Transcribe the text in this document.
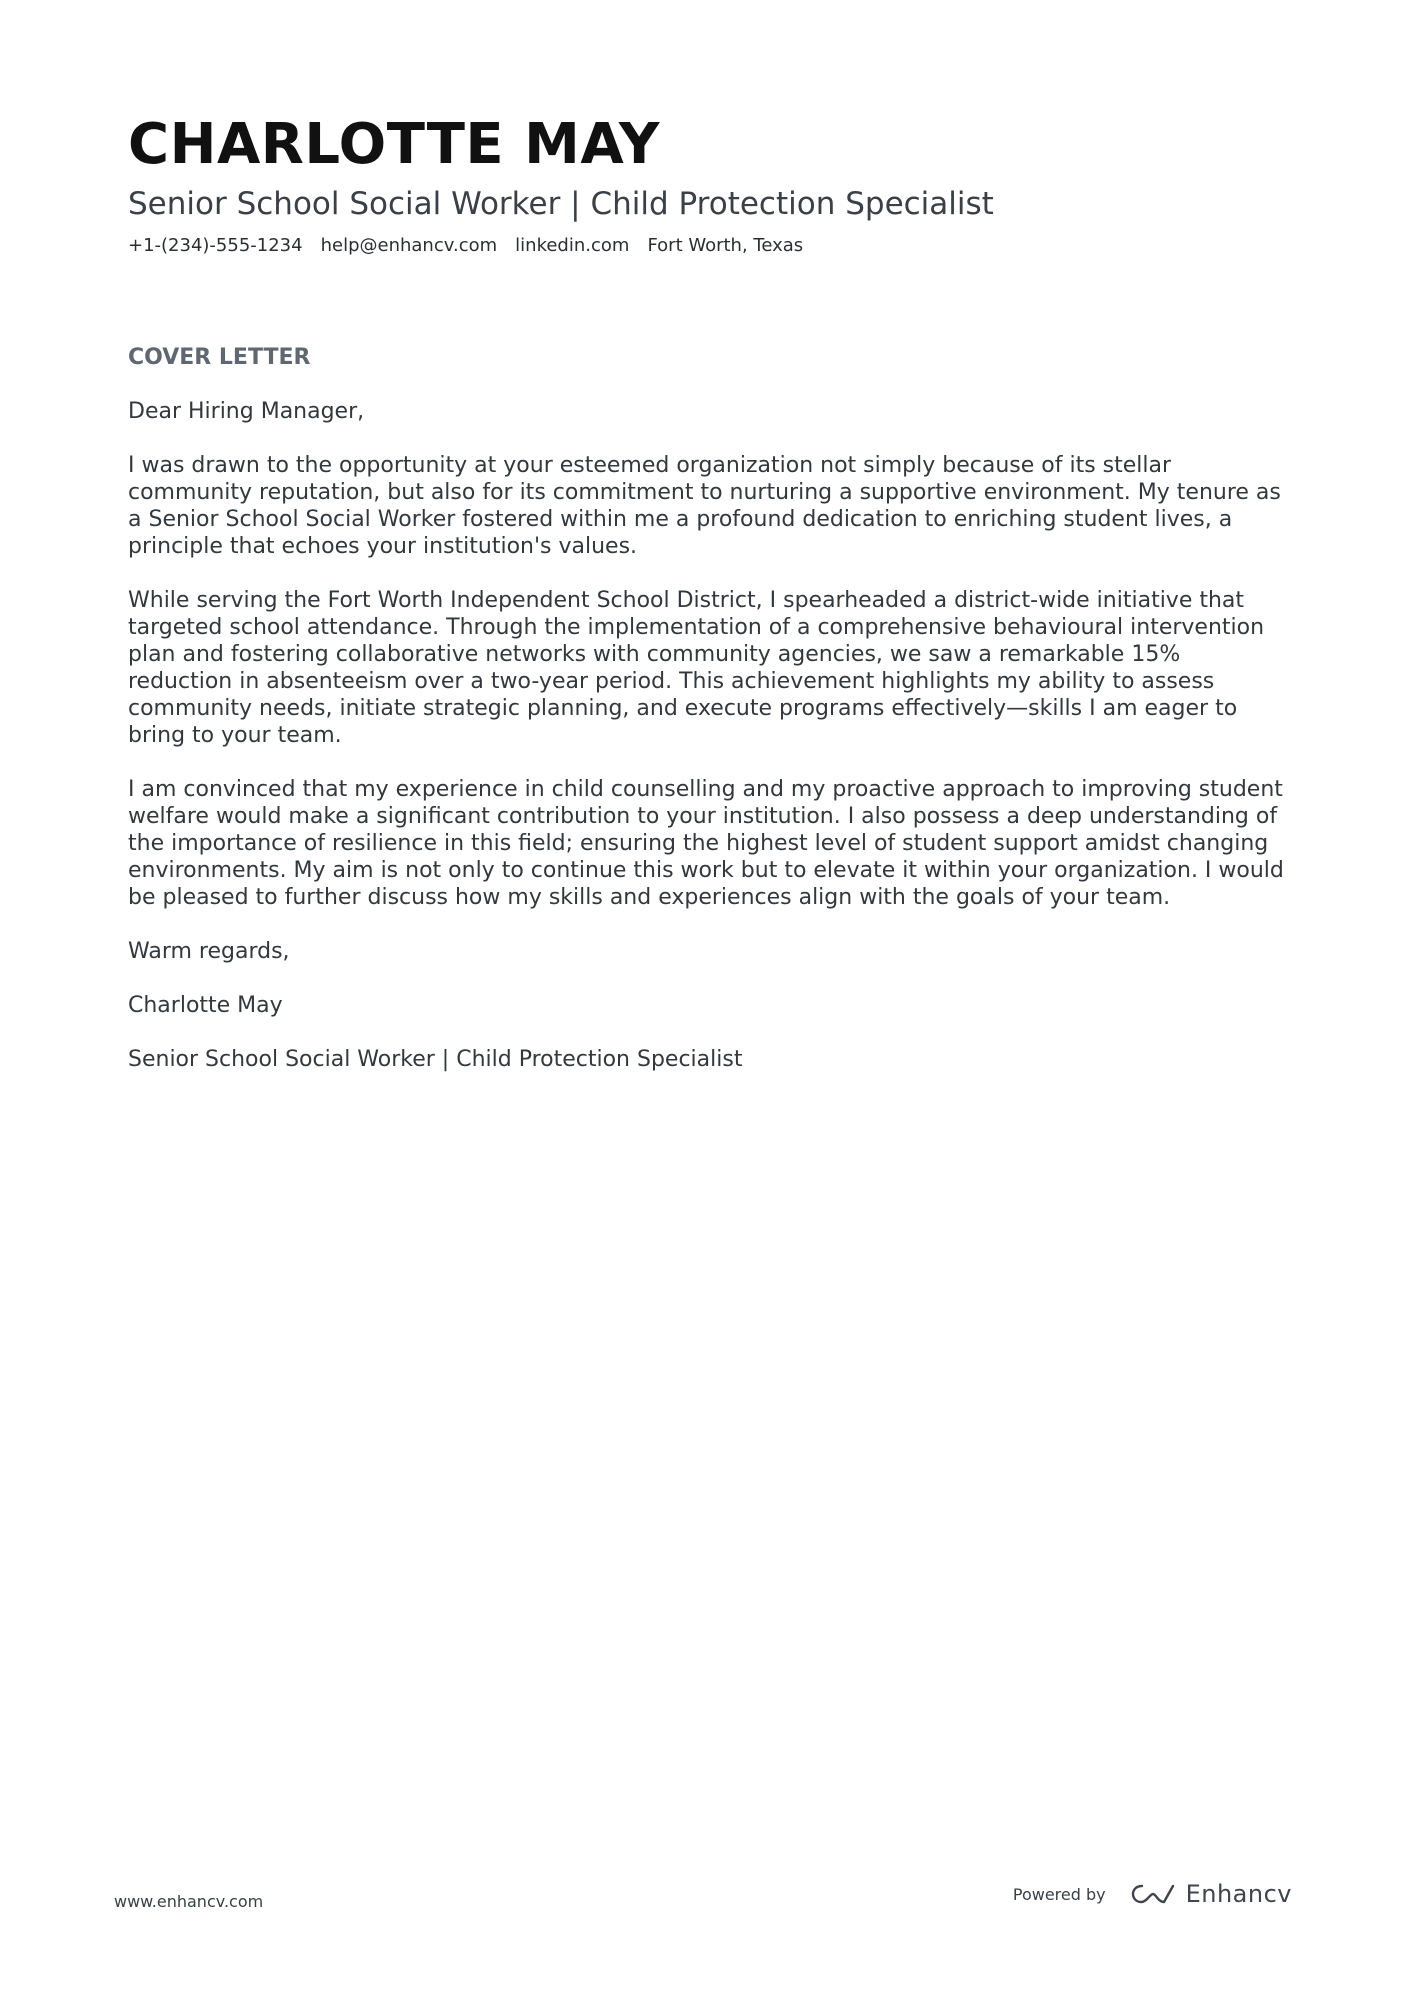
CHARLOTTE MAY
Senior School Social Worker | Child Protection Specialist
+1-(234)-555-1234 help@enhancv.com linkedin.com Fort Worth, Texas
COVER LETTER

Dear Hiring Manager,

I was drawn to the opportunity at your esteemed organization not simply because of its stellar community reputation, but also for its commitment to nurturing a supportive environment. My tenure as a Senior School Social Worker fostered within me a profound dedication to enriching student lives, a principle that echoes your institution's values.

While serving the Fort Worth Independent School District, I spearheaded a district-wide initiative that targeted school attendance. Through the implementation of a comprehensive behavioural intervention plan and fostering collaborative networks with community agencies, we saw a remarkable 15% reduction in absenteeism over a two-year period. This achievement highlights my ability to assess community needs, initiate strategic planning, and execute programs effectively—skills I am eager to bring to your team.

I am convinced that my experience in child counselling and my proactive approach to improving student welfare would make a significant contribution to your institution. I also possess a deep understanding of the importance of resilience in this field; ensuring the highest level of student support amidst changing environments. My aim is not only to continue this work but to elevate it within your organization. I would be pleased to further discuss how my skills and experiences align with the goals of your team.

Warm regards,

Charlotte May

Senior School Social Worker | Child Protection Specialist

www.enhancv.com	Powered by	Enhancv
